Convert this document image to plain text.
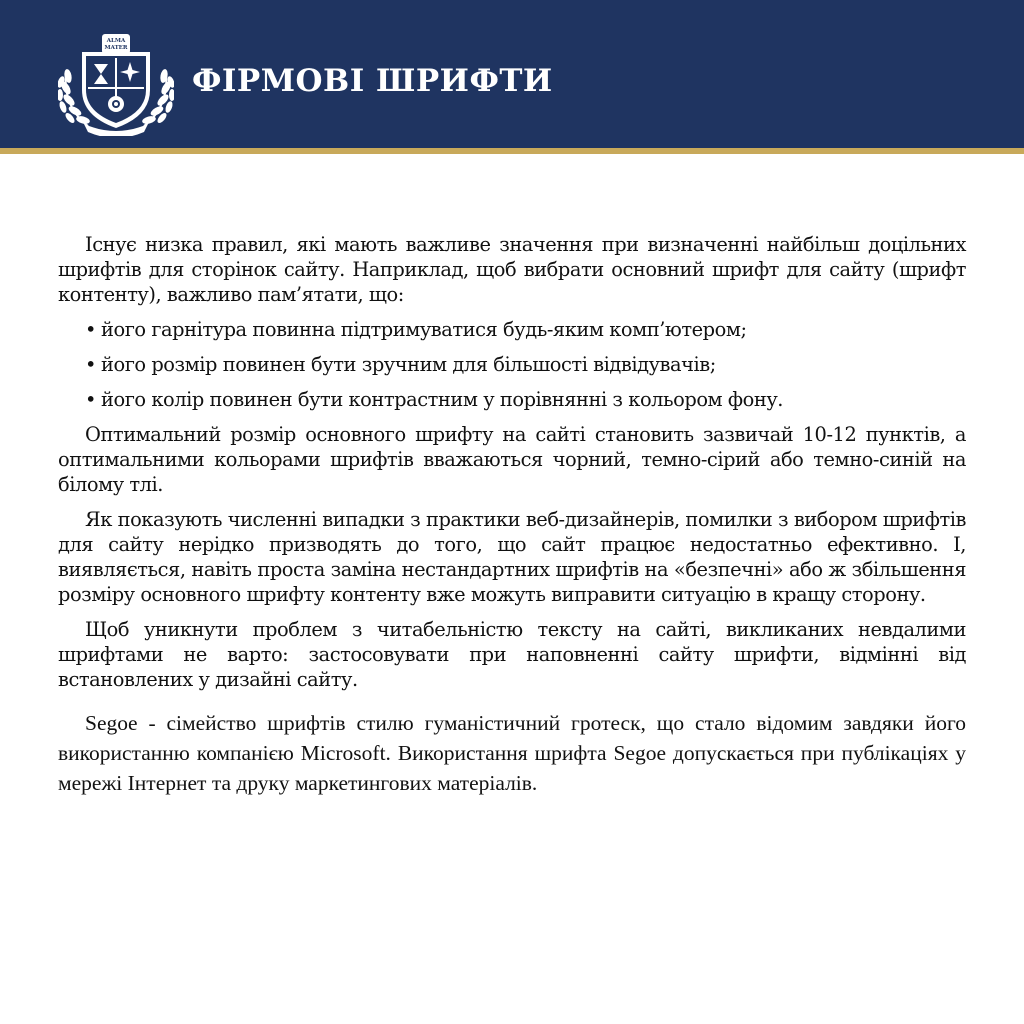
ALMA
MATER
ФІРМОВІ ШРИФТИ

Існує низка правил, які мають важливе значення при визначенні найбільш доцільних шрифтів для сторінок сайту. Наприклад, щоб вибрати основний шрифт для сайту (шрифт контенту), важливо пам’ятати, що:

• його гарнітура повинна підтримуватися будь-яким комп’ютером;

• його розмір повинен бути зручним для більшості відвідувачів;

• його колір повинен бути контрастним у порівнянні з кольором фону.

Оптимальний розмір основного шрифту на сайті становить зазвичай 10-12 пунктів, а оптимальними кольорами шрифтів вважаються чорний, темно-сірий або темно-синій на білому тлі.

Як показують численні випадки з практики веб-дизайнерів, помилки з вибором шрифтів для сайту нерідко призводять до того, що сайт працює недостатньо ефективно. І, виявляється, навіть проста заміна нестандартних шрифтів на «безпечні» або ж збільшення розміру основного шрифту контенту вже можуть виправити ситуацію в кращу сторону.

Щоб уникнути проблем з читабельністю тексту на сайті, викликаних невдалими шрифтами не варто: застосовувати при наповненні сайту шрифти, відмінні від встановлених у дизайні сайту.

Segoe - сімейство шрифтів стилю гуманістичний гротеск, що стало відомим завдяки його використанню компанією Microsoft. Використання шрифта Segoe допускається при публікаціях у мережі Інтернет та друку маркетингових матеріалів.
